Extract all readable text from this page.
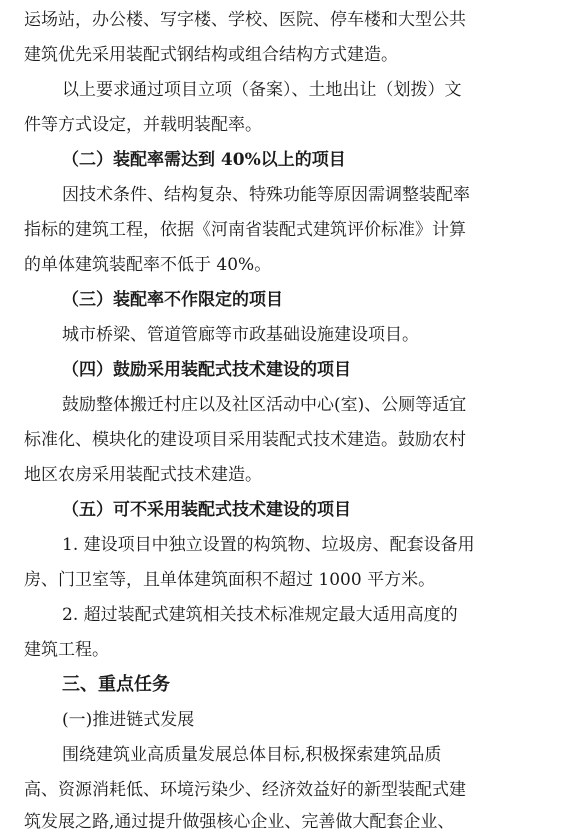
运场站，办公楼、写字楼、学校、医院、停车楼和大型公共
建筑优先采用装配式钢结构或组合结构方式建造。
以上要求通过项目立项（备案）、土地出让（划拨）文
件等方式设定，并载明装配率。
（二）装配率需达到 40%以上的项目
因技术条件、结构复杂、特殊功能等原因需调整装配率
指标的建筑工程，依据《河南省装配式建筑评价标准》计算
的单体建筑装配率不低于 40%。
（三）装配率不作限定的项目
城市桥梁、管道管廊等市政基础设施建设项目。
（四）鼓励采用装配式技术建设的项目
鼓励整体搬迁村庄以及社区活动中心(室)、公厕等适宜
标准化、模块化的建设项目采用装配式技术建造。鼓励农村
地区农房采用装配式技术建造。
（五）可不采用装配式技术建设的项目
1. 建设项目中独立设置的构筑物、垃圾房、配套设备用
房、门卫室等，且单体建筑面积不超过 1000 平方米。
2. 超过装配式建筑相关技术标准规定最大适用高度的
建筑工程。
三、重点任务
(一)推进链式发展
围绕建筑业高质量发展总体目标,积极探索建筑品质
高、资源消耗低、环境污染少、经济效益好的新型装配式建
筑发展之路,通过提升做强核心企业、完善做大配套企业、
